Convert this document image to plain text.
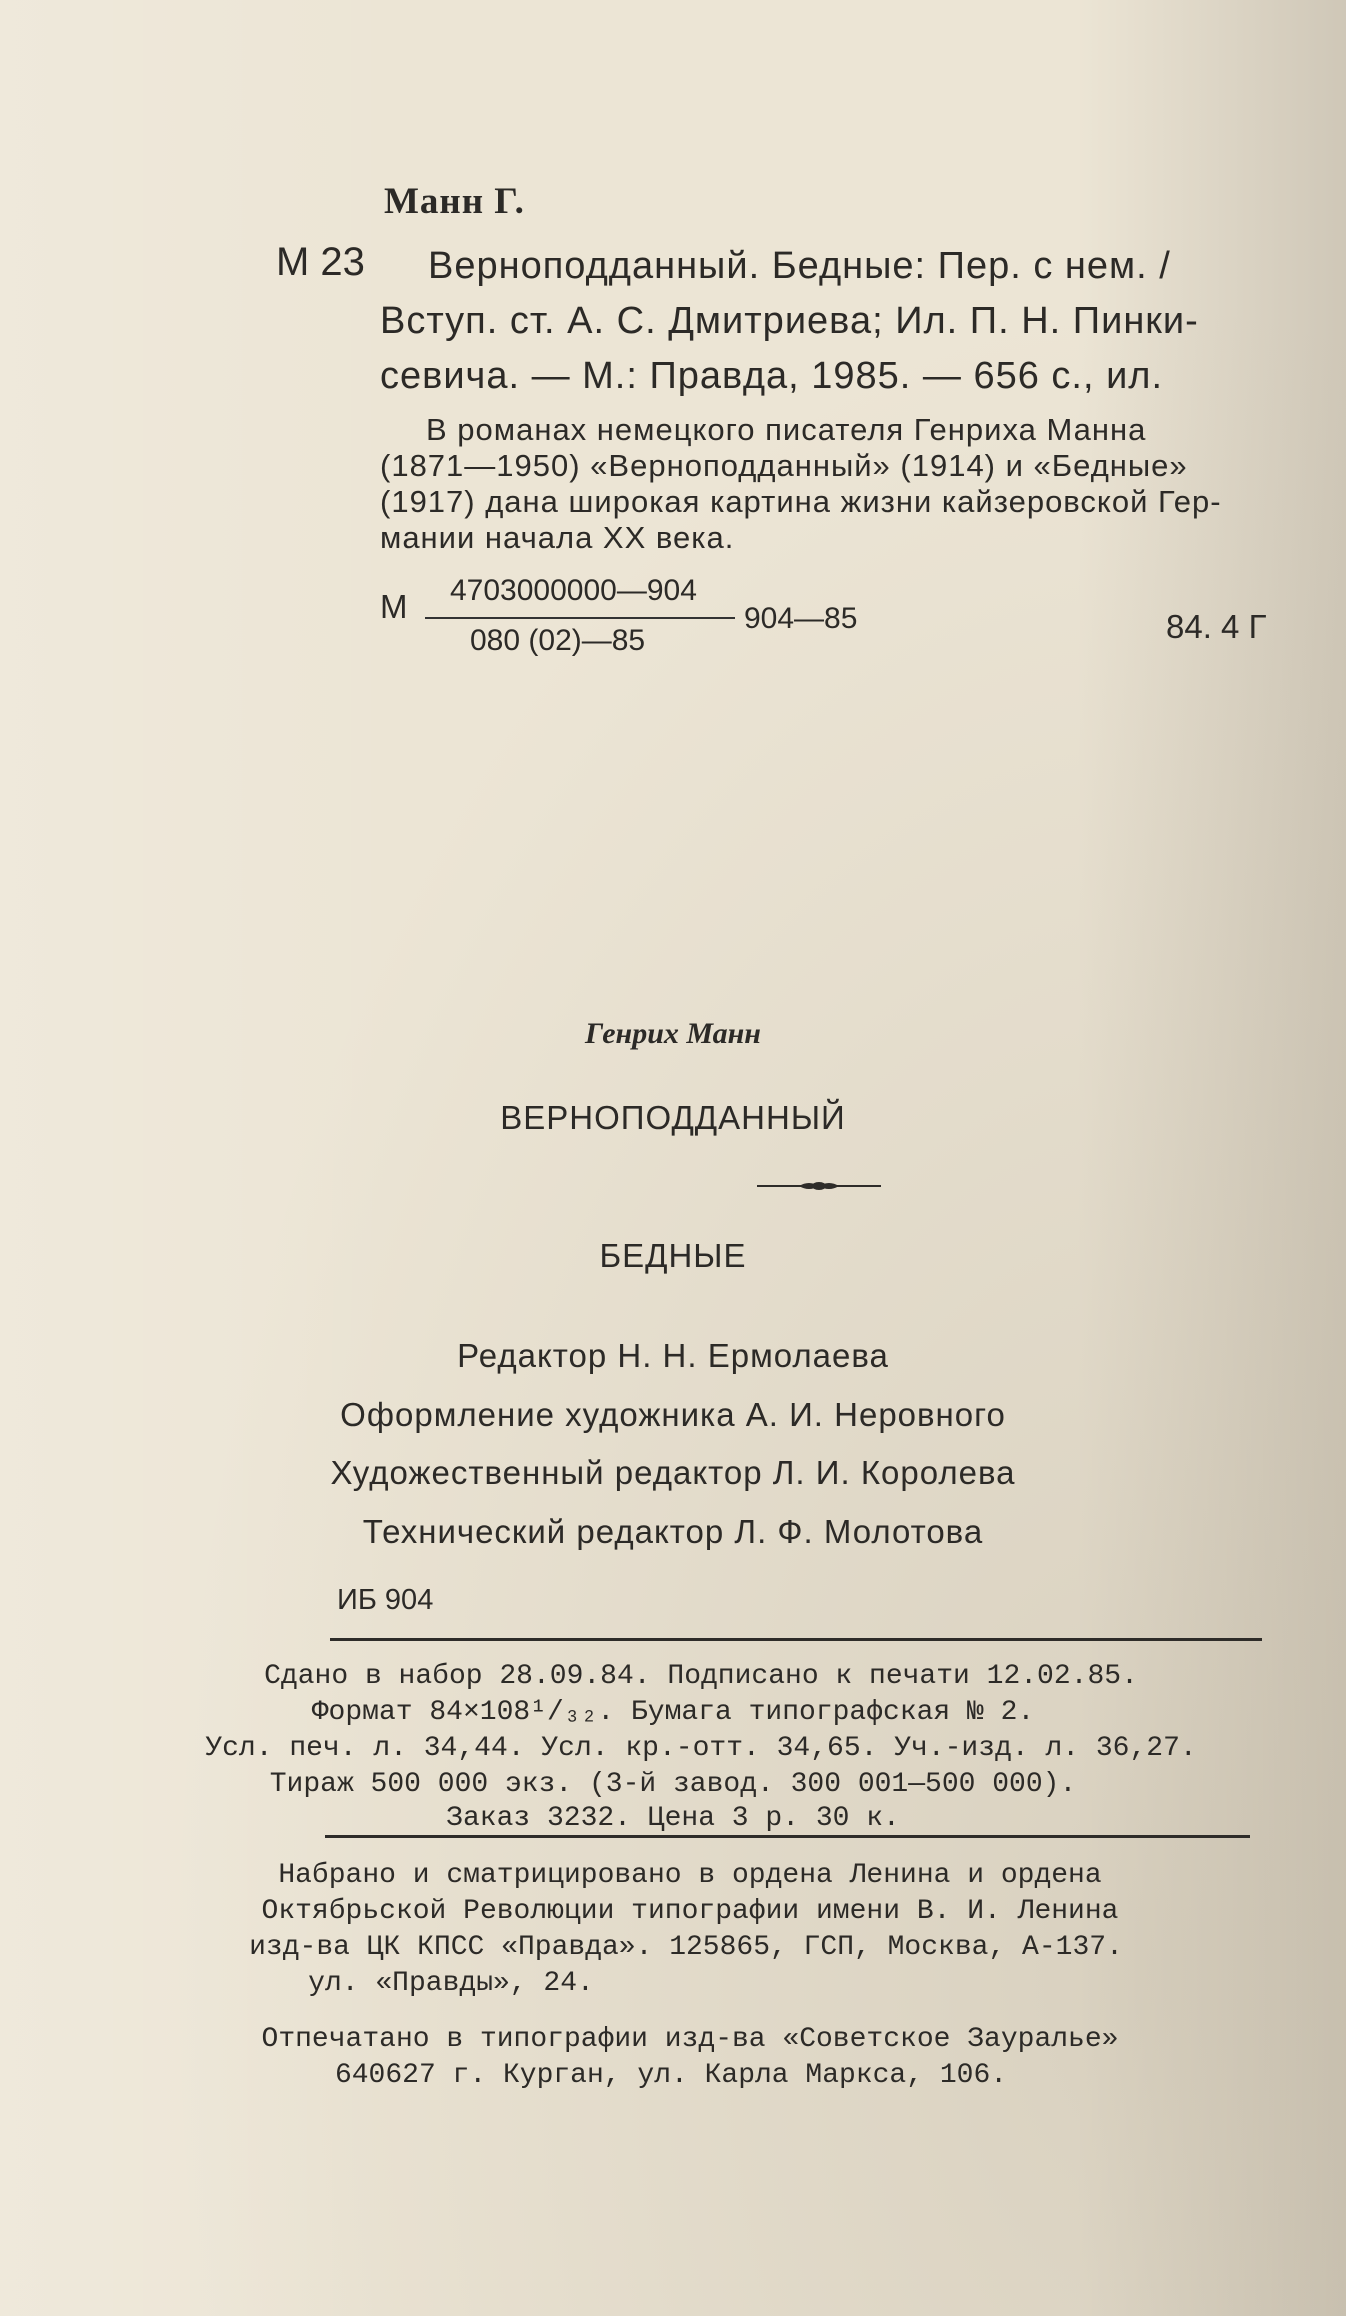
Манн Г.
М 23 Верноподданный. Бедные: Пер. с нем. /
Вступ. ст. А. С. Дмитриева; Ил. П. Н. Пинки-
севича. — М.: Правда, 1985. — 656 с., ил.
В романах немецкого писателя Генриха Манна
(1871—1950) «Верноподданный» (1914) и «Бедные»
(1917) дана широкая картина жизни кайзеровской Гер-
мании начала XX века.
М 4703000000—904
080 (02)—85
904—85	84. 4 Г
Генрих Манн
ВЕРНОПОДДАННЫЙ
БЕДНЫЕ
Редактор Н. Н. Ермолаева
Оформление художника А. И. Неровного
Художественный редактор Л. И. Королева
Технический редактор Л. Ф. Молотова
ИБ 904
Сдано в набор 28.09.84. Подписано к печати 12.02.85.
Формат 84×108¹/₃₂. Бумага типографская № 2.
Усл. печ. л. 34,44. Усл. кр.-отт. 34,65. Уч.-изд. л. 36,27.
Тираж 500 000 экз. (3-й завод. 300 001—500 000).
Заказ 3232. Цена 3 р. 30 к.
Набрано и сматрицировано в ордена Ленина и ордена
Октябрьской Революции типографии имени В. И. Ленина
изд-ва ЦК КПСС «Правда». 125865, ГСП, Москва, А-137.
ул. «Правды», 24.
Отпечатано в типографии изд-ва «Советское Зауралье»
640627 г. Курган, ул. Карла Маркса, 106.
